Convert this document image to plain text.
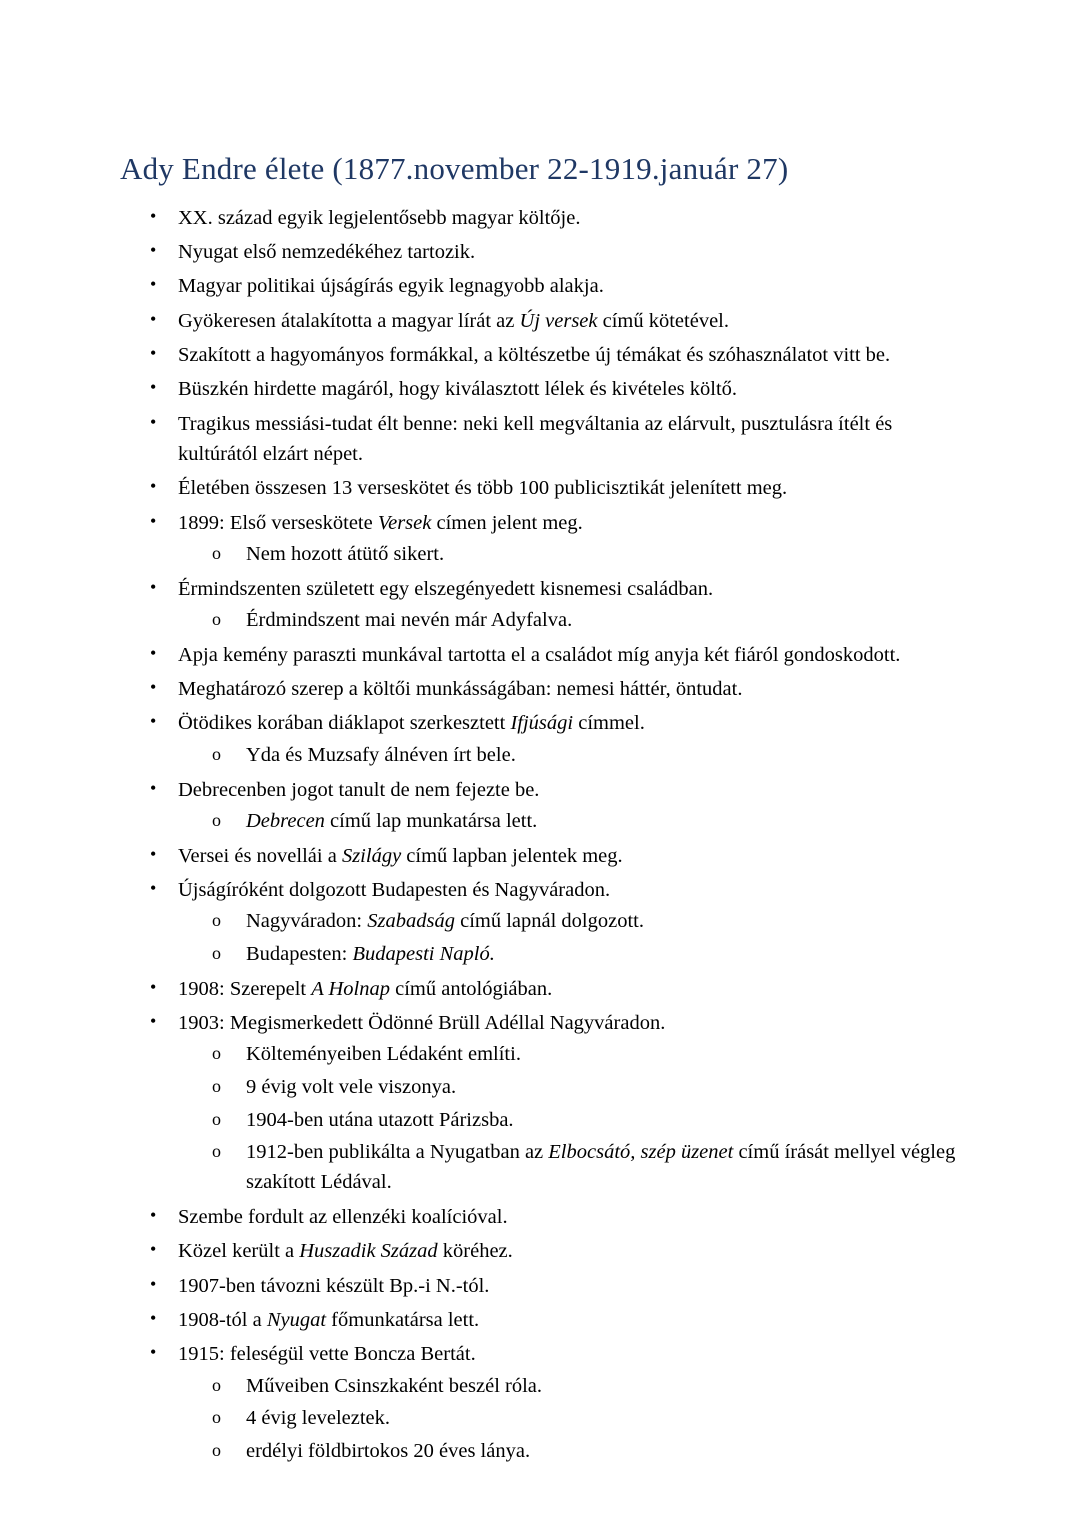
Ady Endre élete (1877.november 22-1919.január 27)
• XX. század egyik legjelentősebb magyar költője.
• Nyugat első nemzedékéhez tartozik.
• Magyar politikai újságírás egyik legnagyobb alakja.
• Gyökeresen átalakította a magyar lírát az Új versek című kötetével.
• Szakított a hagyományos formákkal, a költészetbe új témákat és szóhasználatot vitt be.
• Büszkén hirdette magáról, hogy kiválasztott lélek és kivételes költő.
• Tragikus messiási-tudat élt benne: neki kell megváltania az elárvult, pusztulásra ítélt és kultúrától elzárt népet.
• Életében összesen 13 verseskötet és több 100 publicisztikát jelenített meg.
• 1899: Első verseskötete Versek címen jelent meg.
o Nem hozott átütő sikert.
• Érmindszenten született egy elszegényedett kisnemesi családban.
o Érdmindszent mai nevén már Adyfalva.
• Apja kemény paraszti munkával tartotta el a családot míg anyja két fiáról gondoskodott.
• Meghatározó szerep a költői munkásságában: nemesi háttér, öntudat.
• Ötödikes korában diáklapot szerkesztett Ifjúsági címmel.
o Yda és Muzsafy álnéven írt bele.
• Debrecenben jogot tanult de nem fejezte be.
o Debrecen című lap munkatársa lett.
• Versei és novellái a Szilágy című lapban jelentek meg.
• Újságíróként dolgozott Budapesten és Nagyváradon.
o Nagyváradon: Szabadság című lapnál dolgozott.
o Budapesten: Budapesti Napló.
• 1908: Szerepelt A Holnap című antológiában.
• 1903: Megismerkedett Ödönné Brüll Adéllal Nagyváradon.
o Költeményeiben Lédaként említi.
o 9 évig volt vele viszonya.
o 1904-ben utána utazott Párizsba.
o 1912-ben publikálta a Nyugatban az Elbocsátó, szép üzenet című írását mellyel végleg szakított Lédával.
• Szembe fordult az ellenzéki koalícióval.
• Közel került a Huszadik Század köréhez.
• 1907-ben távozni készült Bp.-i N.-tól.
• 1908-tól a Nyugat főmunkatársa lett.
• 1915: feleségül vette Boncza Bertát.
o Műveiben Csinszkaként beszél róla.
o 4 évig leveleztek.
o erdélyi földbirtokos 20 éves lánya.
